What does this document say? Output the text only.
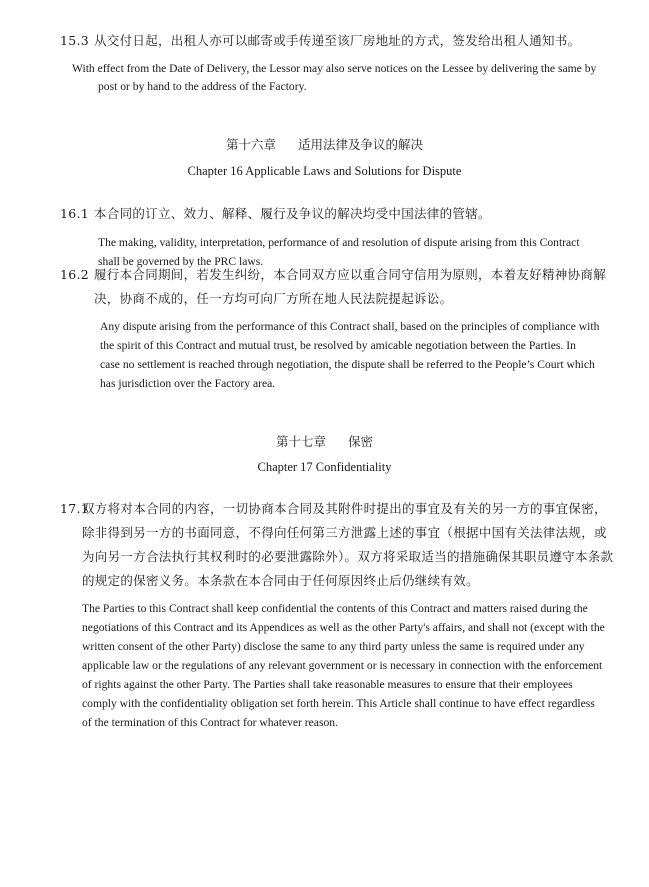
15.3 从交付日起，出租人亦可以邮寄或手传递至该厂房地址的方式，签发给出租人通知书。

With effect from the Date of Delivery, the Lessor may also serve notices on the Lessee by delivering the same by

post or by hand to the address of the Factory.

第十六章 适用法律及争议的解决

Chapter 16 Applicable Laws and Solutions for Dispute

16.1 本合同的订立、效力、解释、履行及争议的解决均受中国法律的管辖。

The making, validity, interpretation, performance of and resolution of dispute arising from this Contract

shall be governed by the PRC laws.

16.2 履行本合同期间，若发生纠纷，本合同双方应以重合同守信用为原则，本着友好精神协商解

决，协商不成的，任一方均可向厂方所在地人民法院提起诉讼。

Any dispute arising from the performance of this Contract shall, based on the principles of compliance with

the spirit of this Contract and mutual trust, be resolved by amicable negotiation between the Parties. In

case no settlement is reached through negotiation, the dispute shall be referred to the People’s Court which

has jurisdiction over the Factory area.

第十七章 保密

Chapter 17 Confidentiality

17.1双方将对本合同的内容，一切协商本合同及其附件时提出的事宜及有关的另一方的事宜保密，

除非得到另一方的书面同意，不得向任何第三方泄露上述的事宜（根据中国有关法律法规，或

为向另一方合法执行其权利时的必要泄露除外）。双方将采取适当的措施确保其职员遵守本条款

的规定的保密义务。本条款在本合同由于任何原因终止后仍继续有效。

The Parties to this Contract shall keep confidential the contents of this Contract and matters raised during the

negotiations of this Contract and its Appendices as well as the other Party's affairs, and shall not (except with the

written consent of the other Party) disclose the same to any third party unless the same is required under any

applicable law or the regulations of any relevant government or is necessary in connection with the enforcement

of rights against the other Party. The Parties shall take reasonable measures to ensure that their employees

comply with the confidentiality obligation set forth herein. This Article shall continue to have effect regardless

of the termination of this Contract for whatever reason.
